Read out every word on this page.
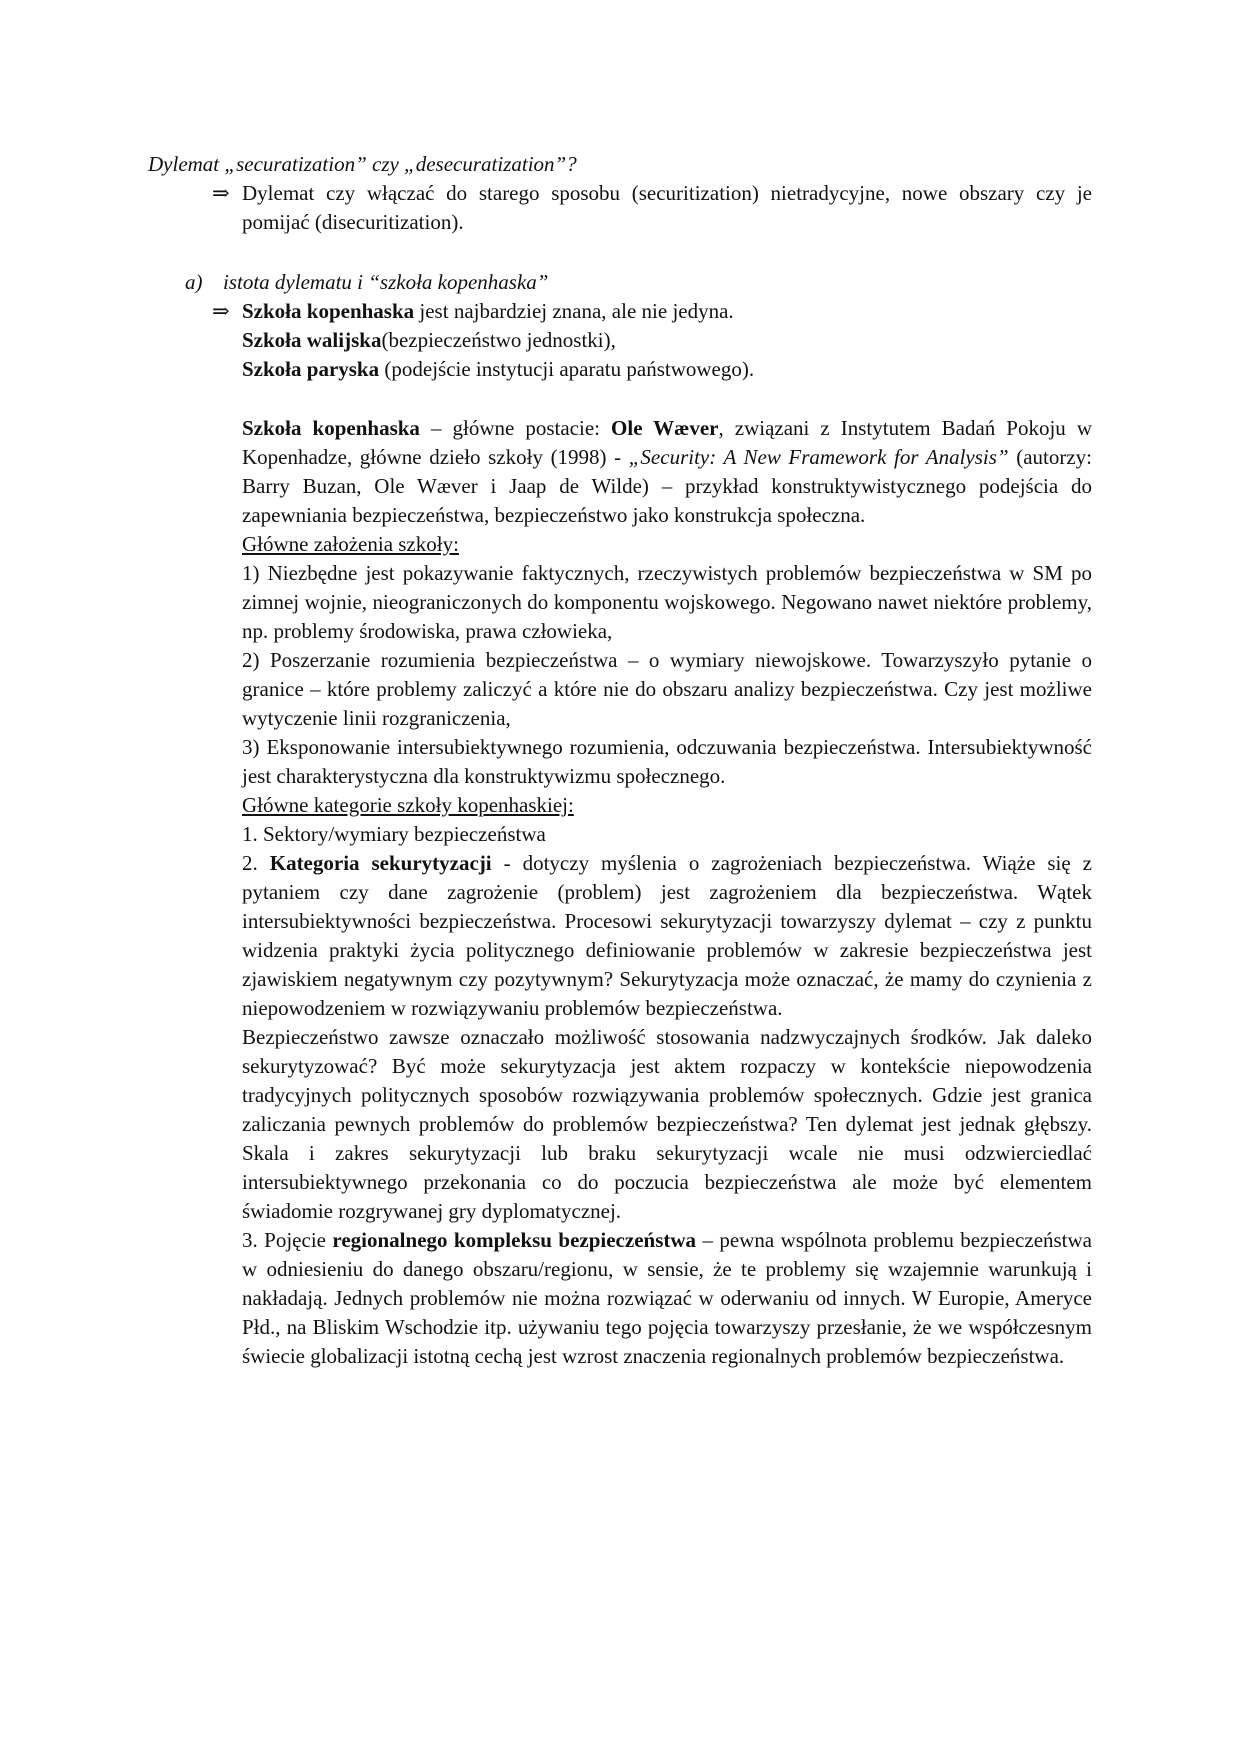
Dylemat „securatization” czy „desecuratization”?
⇒ Dylemat czy włączać do starego sposobu (securitization) nietradycyjne, nowe obszary czy je pomijać (disecuritization).
a) istota dylematu i “szkoła kopenhaska”
⇒ Szkoła kopenhaska jest najbardziej znana, ale nie jedyna.

Szkoła walijska(bezpieczeństwo jednostki),

Szkoła paryska (podejście instytucji aparatu państwowego).

Szkoła kopenhaska – główne postacie: Ole Wæver, związani z Instytutem Badań Pokoju w Kopenhadze, główne dzieło szkoły (1998) - „Security: A New Framework for Analysis” (autorzy: Barry Buzan, Ole Wæver i Jaap de Wilde) – przykład konstruktywistycznego podejścia do zapewniania bezpieczeństwa, bezpieczeństwo jako konstrukcja społeczna.

Główne założenia szkoły:

1) Niezbędne jest pokazywanie faktycznych, rzeczywistych problemów bezpieczeństwa w SM po zimnej wojnie, nieograniczonych do komponentu wojskowego. Negowano nawet niektóre problemy, np. problemy środowiska, prawa człowieka,

2) Poszerzanie rozumienia bezpieczeństwa – o wymiary niewojskowe. Towarzyszyło pytanie o granice – które problemy zaliczyć a które nie do obszaru analizy bezpieczeństwa. Czy jest możliwe wytyczenie linii rozgraniczenia,

3) Eksponowanie intersubiektywnego rozumienia, odczuwania bezpieczeństwa. Intersubiektywność jest charakterystyczna dla konstruktywizmu społecznego.

Główne kategorie szkoły kopenhaskiej:

1. Sektory/wymiary bezpieczeństwa

2. Kategoria sekurytyzacji - dotyczy myślenia o zagrożeniach bezpieczeństwa. Wiąże się z pytaniem czy dane zagrożenie (problem) jest zagrożeniem dla bezpieczeństwa. Wątek intersubiektywności bezpieczeństwa. Procesowi sekurytyzacji towarzyszy dylemat – czy z punktu widzenia praktyki życia politycznego definiowanie problemów w zakresie bezpieczeństwa jest zjawiskiem negatywnym czy pozytywnym? Sekurytyzacja może oznaczać, że mamy do czynienia z niepowodzeniem w rozwiązywaniu problemów bezpieczeństwa.

Bezpieczeństwo zawsze oznaczało możliwość stosowania nadzwyczajnych środków. Jak daleko sekurytyzować? Być może sekurytyzacja jest aktem rozpaczy w kontekście niepowodzenia tradycyjnych politycznych sposobów rozwiązywania problemów społecznych. Gdzie jest granica zaliczania pewnych problemów do problemów bezpieczeństwa? Ten dylemat jest jednak głębszy. Skala i zakres sekurytyzacji lub braku sekurytyzacji wcale nie musi odzwierciedlać intersubiektywnego przekonania co do poczucia bezpieczeństwa ale może być elementem świadomie rozgrywanej gry dyplomatycznej.

3. Pojęcie regionalnego kompleksu bezpieczeństwa – pewna wspólnota problemu bezpieczeństwa w odniesieniu do danego obszaru/regionu, w sensie, że te problemy się wzajemnie warunkują i nakładają. Jednych problemów nie można rozwiązać w oderwaniu od innych. W Europie, Ameryce Płd., na Bliskim Wschodzie itp. używaniu tego pojęcia towarzyszy przesłanie, że we współczesnym świecie globalizacji istotną cechą jest wzrost znaczenia regionalnych problemów bezpieczeństwa.
